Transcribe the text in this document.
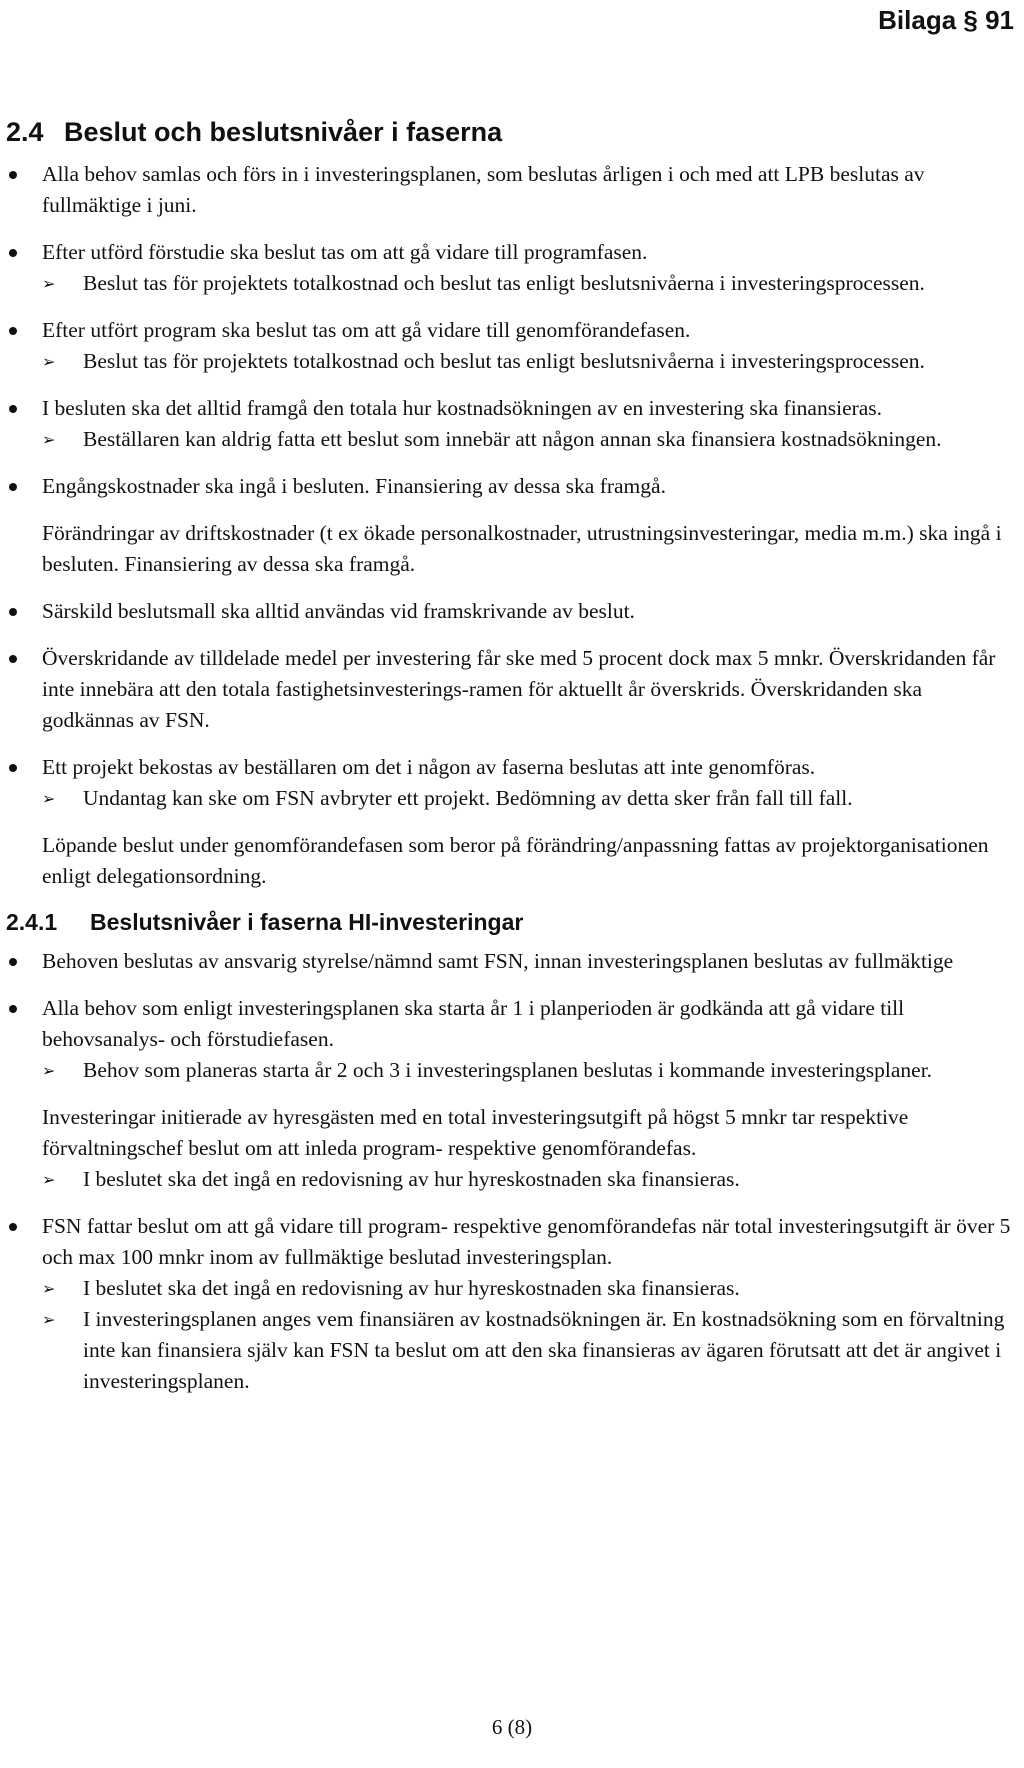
Bilaga § 91
2.4 Beslut och beslutsnivåer i faserna

Alla behov samlas och förs in i investeringsplanen, som beslutas årligen i och med att LPB beslutas av fullmäktige i juni.

Efter utförd förstudie ska beslut tas om att gå vidare till programfasen.

➢ Beslut tas för projektets totalkostnad och beslut tas enligt beslutsnivåerna i investeringsprocessen.

Efter utfört program ska beslut tas om att gå vidare till genomförandefasen.

➢ Beslut tas för projektets totalkostnad och beslut tas enligt beslutsnivåerna i investeringsprocessen.

I besluten ska det alltid framgå den totala hur kostnadsökningen av en investering ska finansieras.

➢ Beställaren kan aldrig fatta ett beslut som innebär att någon annan ska finansiera kostnadsökningen.

Engångskostnader ska ingå i besluten. Finansiering av dessa ska framgå.

Förändringar av driftskostnader (t ex ökade personalkostnader, utrustningsinvesteringar, media m.m.) ska ingå i besluten. Finansiering av dessa ska framgå.

Särskild beslutsmall ska alltid användas vid framskrivande av beslut.

Överskridande av tilldelade medel per investering får ske med 5 procent dock max 5 mnkr. Överskridanden får inte innebära att den totala fastighetsinvesterings-ramen för aktuellt år överskrids. Överskridanden ska godkännas av FSN.

Ett projekt bekostas av beställaren om det i någon av faserna beslutas att inte genomföras.

➢ Undantag kan ske om FSN avbryter ett projekt. Bedömning av detta sker från fall till fall.

Löpande beslut under genomförandefasen som beror på förändring/anpassning fattas av projektorganisationen enligt delegationsordning.

2.4.1 Beslutsnivåer i faserna HI-investeringar

Behoven beslutas av ansvarig styrelse/nämnd samt FSN, innan investeringsplanen beslutas av fullmäktige

Alla behov som enligt investeringsplanen ska starta år 1 i planperioden är godkända att gå vidare till behovsanalys- och förstudiefasen.

➢ Behov som planeras starta år 2 och 3 i investeringsplanen beslutas i kommande investeringsplaner.

Investeringar initierade av hyresgästen med en total investeringsutgift på högst 5 mnkr tar respektive förvaltningschef beslut om att inleda program- respektive genomförandefas.

➢ I beslutet ska det ingå en redovisning av hur hyreskostnaden ska finansieras.

FSN fattar beslut om att gå vidare till program- respektive genomförandefas när total investeringsutgift är över 5 och max 100 mnkr inom av fullmäktige beslutad investeringsplan.

➢ I beslutet ska det ingå en redovisning av hur hyreskostnaden ska finansieras.

➢ I investeringsplanen anges vem finansiären av kostnadsökningen är. En kostnadsökning som en förvaltning inte kan finansiera själv kan FSN ta beslut om att den ska finansieras av ägaren förutsatt att det är angivet i investeringsplanen.

6 (8)
